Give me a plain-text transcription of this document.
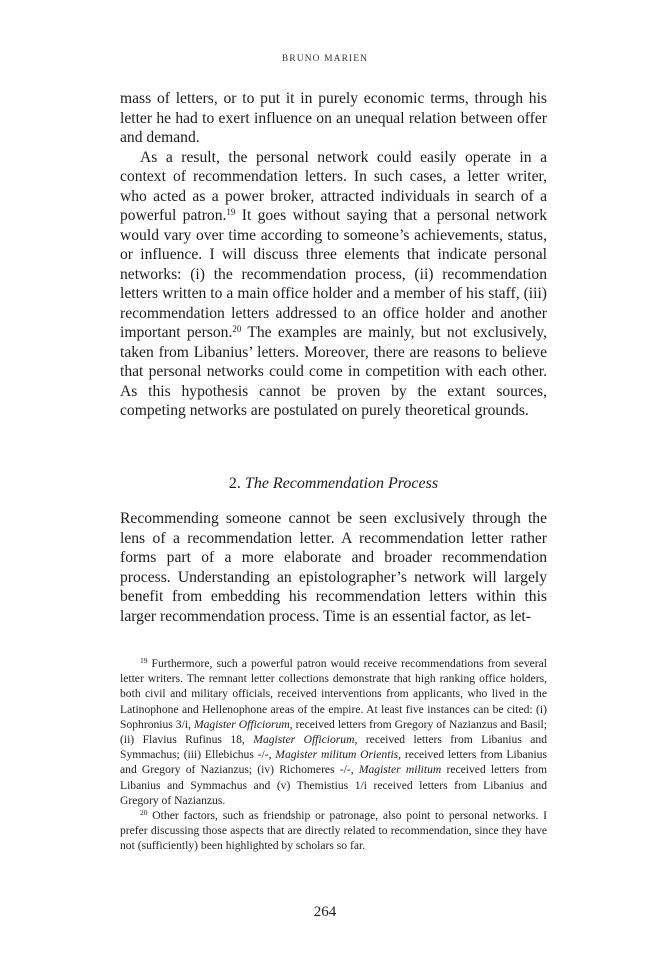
BRUNO MARIEN

mass of letters, or to put it in purely economic terms, through his letter he had to exert influence on an unequal relation between offer and demand.

As a result, the personal network could easily operate in a context of recommendation letters. In such cases, a letter writer, who acted as a power broker, attracted individuals in search of a powerful patron.$^{19}$ It goes without saying that a personal network would vary over time according to someone’s achievements, status, or influence. I will discuss three elements that indicate personal networks: (i) the recommendation process, (ii) recommendation letters written to a main office holder and a member of his staff, (iii) recommendation letters addressed to an office holder and another important person.$^{20}$ The examples are mainly, but not exclusively, taken from Libanius’ letters. Moreover, there are reasons to believe that personal networks could come in competition with each other. As this hypothesis cannot be proven by the extant sources, competing networks are postulated on purely theoretical grounds.

2. The Recommendation Process

Recommending someone cannot be seen exclusively through the lens of a recommendation letter. A recommendation letter rather forms part of a more elaborate and broader recommendation process. Understanding an epistolographer’s network will largely benefit from embedding his recommendation letters within this larger recommendation process. Time is an essential factor, as let-

$^{19}$ Furthermore, such a powerful patron would receive recommendations from several letter writers. The remnant letter collections demonstrate that high ranking office holders, both civil and military officials, received interventions from applicants, who lived in the Latinophone and Hellenophone areas of the empire. At least five instances can be cited: (i) Sophronius 3/i, Magister Officiorum, received letters from Gregory of Nazianzus and Basil; (ii) Flavius Rufinus 18, Magister Officiorum, received letters from Libanius and Symmachus; (iii) Ellebichus -/-, Magister militum Orientis, received letters from Libanius and Gregory of Nazianzus; (iv) Richomeres -/-, Magister militum received letters from Libanius and Symmachus and (v) Themistius 1/i received letters from Libanius and Gregory of Nazianzus.

$^{20}$ Other factors, such as friendship or patronage, also point to personal networks. I prefer discussing those aspects that are directly related to recommendation, since they have not (sufficiently) been highlighted by scholars so far.

264
